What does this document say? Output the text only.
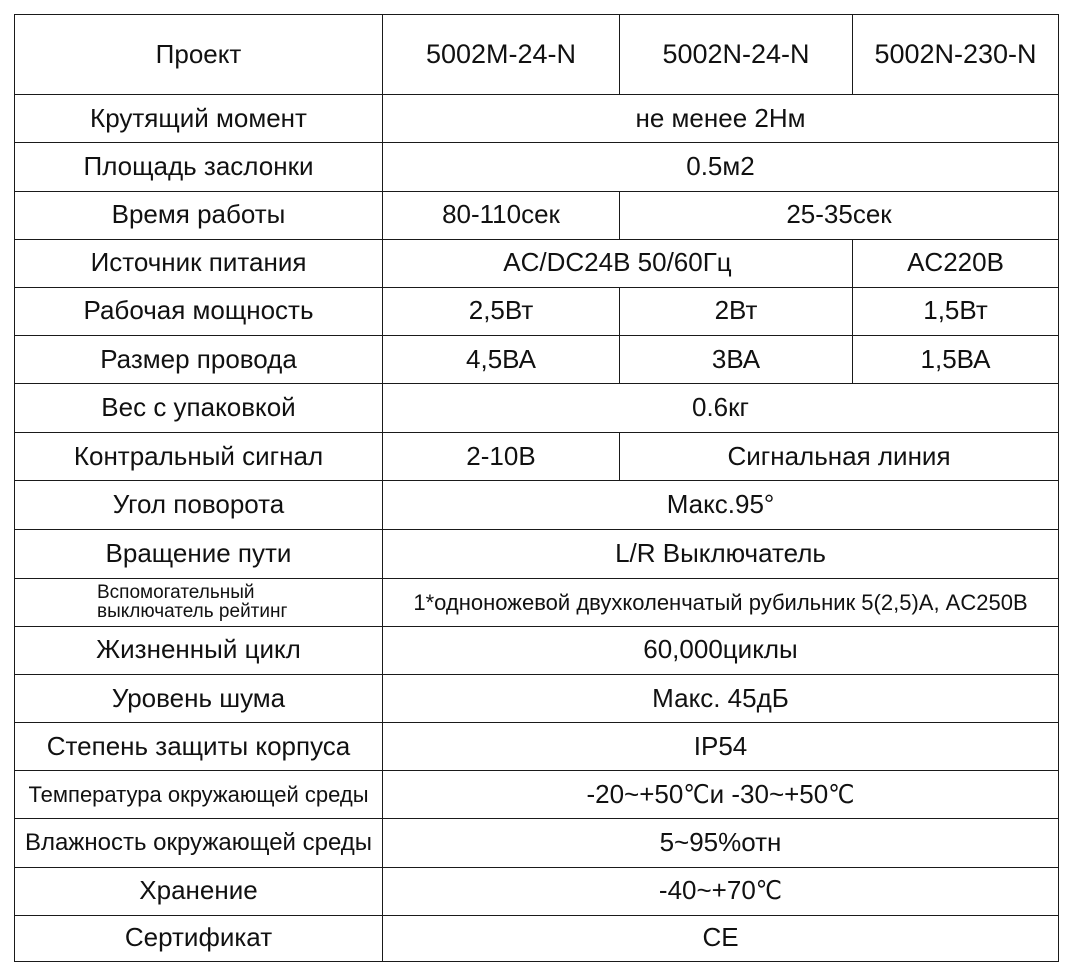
Проект	5002M-24-N	5002N-24-N	5002N-230-N
Крутящий момент	не менее 2Нм		
Площадь заслонки	0.5м2		
Время работы	80-110сек	25-35сек	
Источник питания	AC/DC24В 50/60Гц		AC220В
Рабочая мощность	2,5Вт	2Вт	1,5Вт
Размер провода	4,5ВА	3ВА	1,5ВА
Вес с упаковкой	0.6кг		
Контральный сигнал	2-10В	Сигнальная линия	
Угол поворота	Макс.95°		
Вращение пути	L/R Выключатель		

Вспомогательный
выключатель рейтинг	1*одноножевой двухколенчатый рубильник 5(2,5)А, AC250В		
Жизненный цикл	60,000циклы		
Уровень шума	Макс. 45дБ		
Степень защиты корпуса	IP54		
Температура окружающей среды	-20~+50℃и -30~+50℃		
Влажность окружающей среды	5~95%отн		
Хранение	-40~+70℃		
Сертификат	CE		
